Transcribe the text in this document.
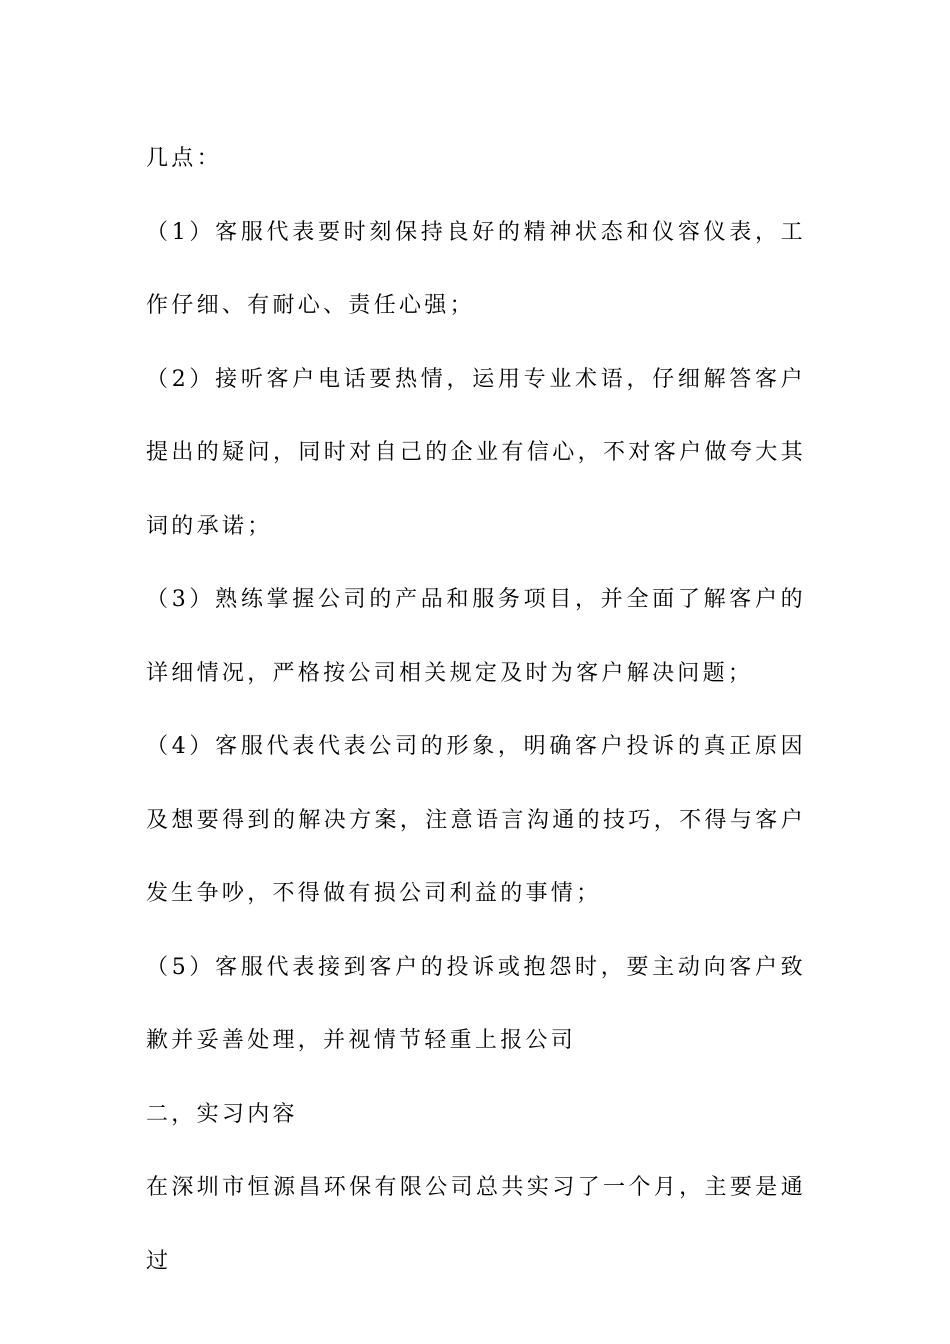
几点：

（1）客服代表要时刻保持良好的精神状态和仪容仪表，工作仔细、有耐心、责任心强；

（2）接听客户电话要热情，运用专业术语，仔细解答客户提出的疑问，同时对自己的企业有信心，不对客户做夸大其词的承诺；

（3）熟练掌握公司的产品和服务项目，并全面了解客户的详细情况，严格按公司相关规定及时为客户解决问题；

（4）客服代表代表公司的形象，明确客户投诉的真正原因及想要得到的解决方案，注意语言沟通的技巧，不得与客户发生争吵，不得做有损公司利益的事情；

（5）客服代表接到客户的投诉或抱怨时，要主动向客户致歉并妥善处理，并视情节轻重上报公司

二，实习内容

在深圳市恒源昌环保有限公司总共实习了一个月，主要是通过
